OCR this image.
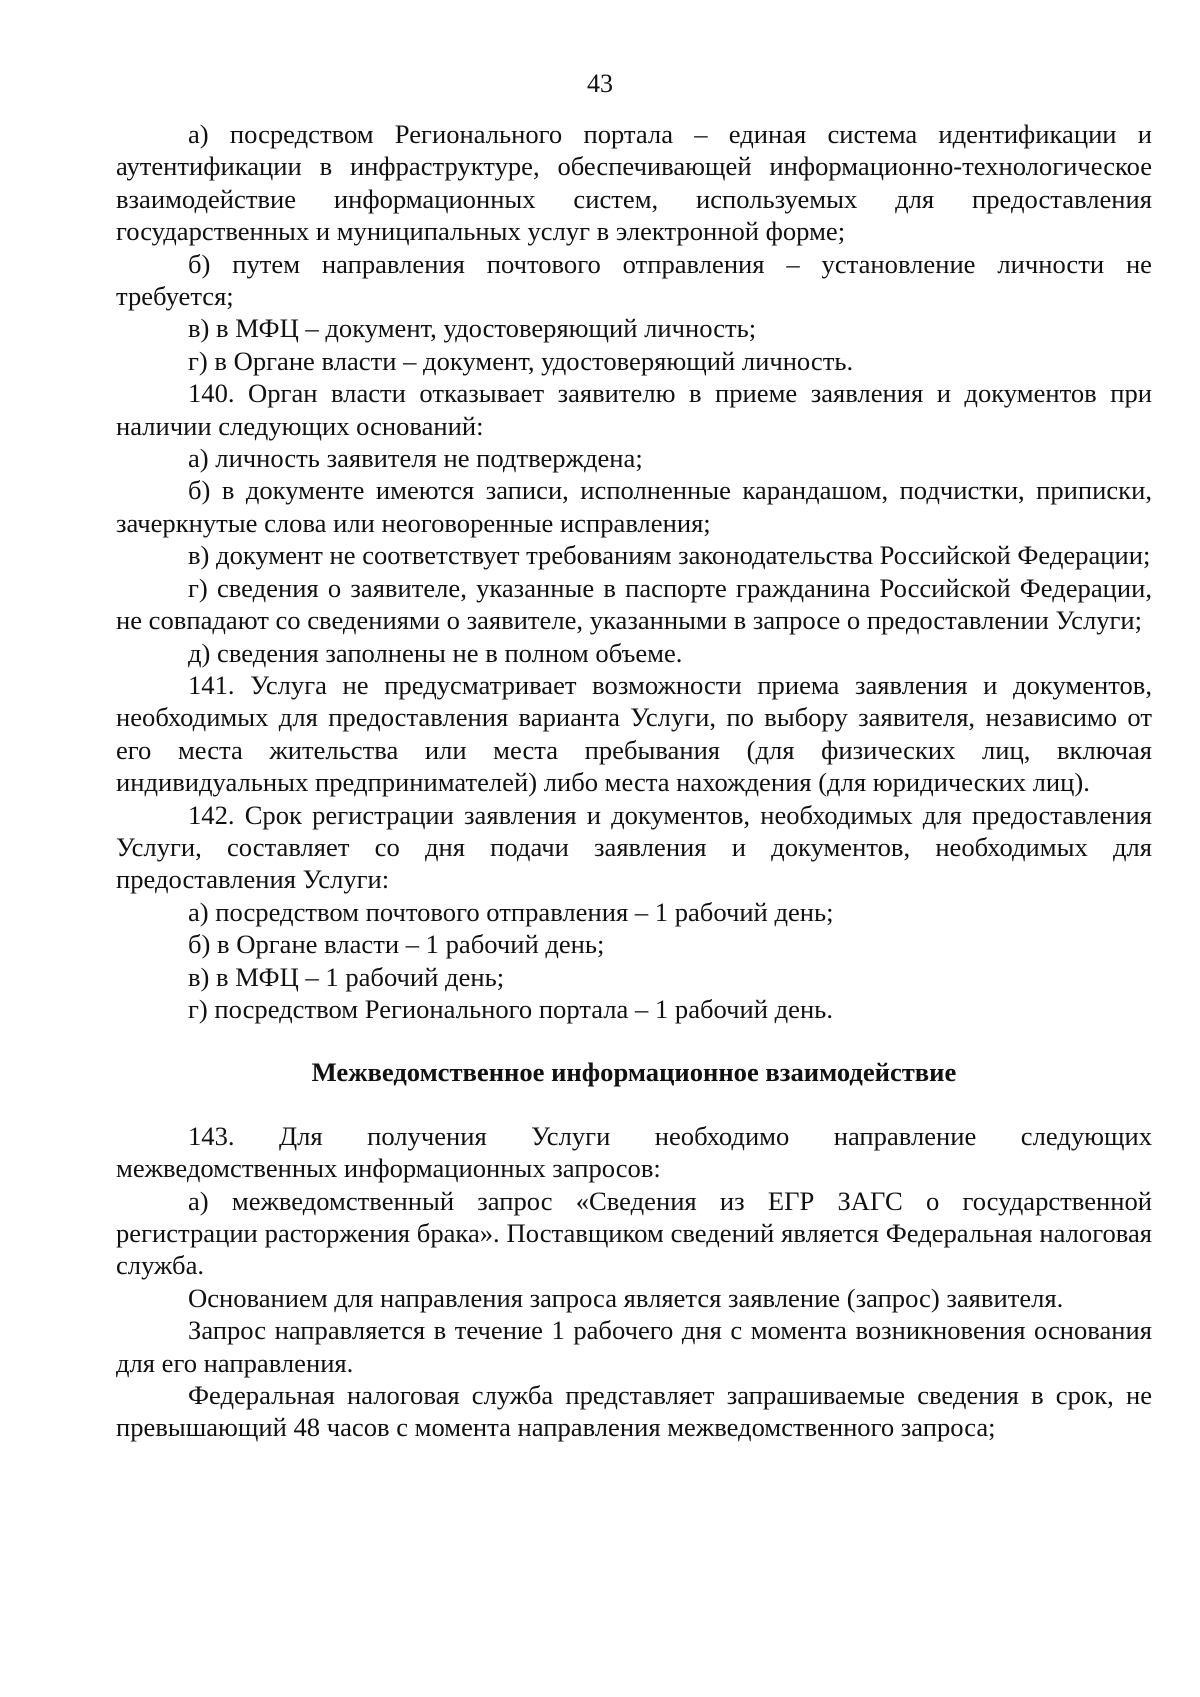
43

а) посредством Регионального портала – единая система идентификации и аутентификации в инфраструктуре, обеспечивающей информационно-технологическое взаимодействие информационных систем, используемых для предоставления государственных и муниципальных услуг в электронной форме;

б) путем направления почтового отправления – установление личности не требуется;

в) в МФЦ – документ, удостоверяющий личность;

г) в Органе власти – документ, удостоверяющий личность.

140. Орган власти отказывает заявителю в приеме заявления и документов при наличии следующих оснований:

а) личность заявителя не подтверждена;

б) в документе имеются записи, исполненные карандашом, подчистки, приписки, зачеркнутые слова или неоговоренные исправления;

в) документ не соответствует требованиям законодательства Российской Федерации;

г) сведения о заявителе, указанные в паспорте гражданина Российской Федерации, не совпадают со сведениями о заявителе, указанными в запросе о предоставлении Услуги;

д) сведения заполнены не в полном объеме.

141. Услуга не предусматривает возможности приема заявления и документов, необходимых для предоставления варианта Услуги, по выбору заявителя, независимо от его места жительства или места пребывания (для физических лиц, включая индивидуальных предпринимателей) либо места нахождения (для юридических лиц).

142. Срок регистрации заявления и документов, необходимых для предоставления Услуги, составляет со дня подачи заявления и документов, необходимых для предоставления Услуги:

а) посредством почтового отправления – 1 рабочий день;

б) в Органе власти – 1 рабочий день;

в) в МФЦ – 1 рабочий день;

г) посредством Регионального портала – 1 рабочий день.

Межведомственное информационное взаимодействие

143. Для получения Услуги необходимо направление следующих межведомственных информационных запросов:

а) межведомственный запрос «Сведения из ЕГР ЗАГС о государственной регистрации расторжения брака». Поставщиком сведений является Федеральная налоговая служба.

Основанием для направления запроса является заявление (запрос) заявителя.

Запрос направляется в течение 1 рабочего дня с момента возникновения основания для его направления.

Федеральная налоговая служба представляет запрашиваемые сведения в срок, не превышающий 48 часов с момента направления межведомственного запроса;
